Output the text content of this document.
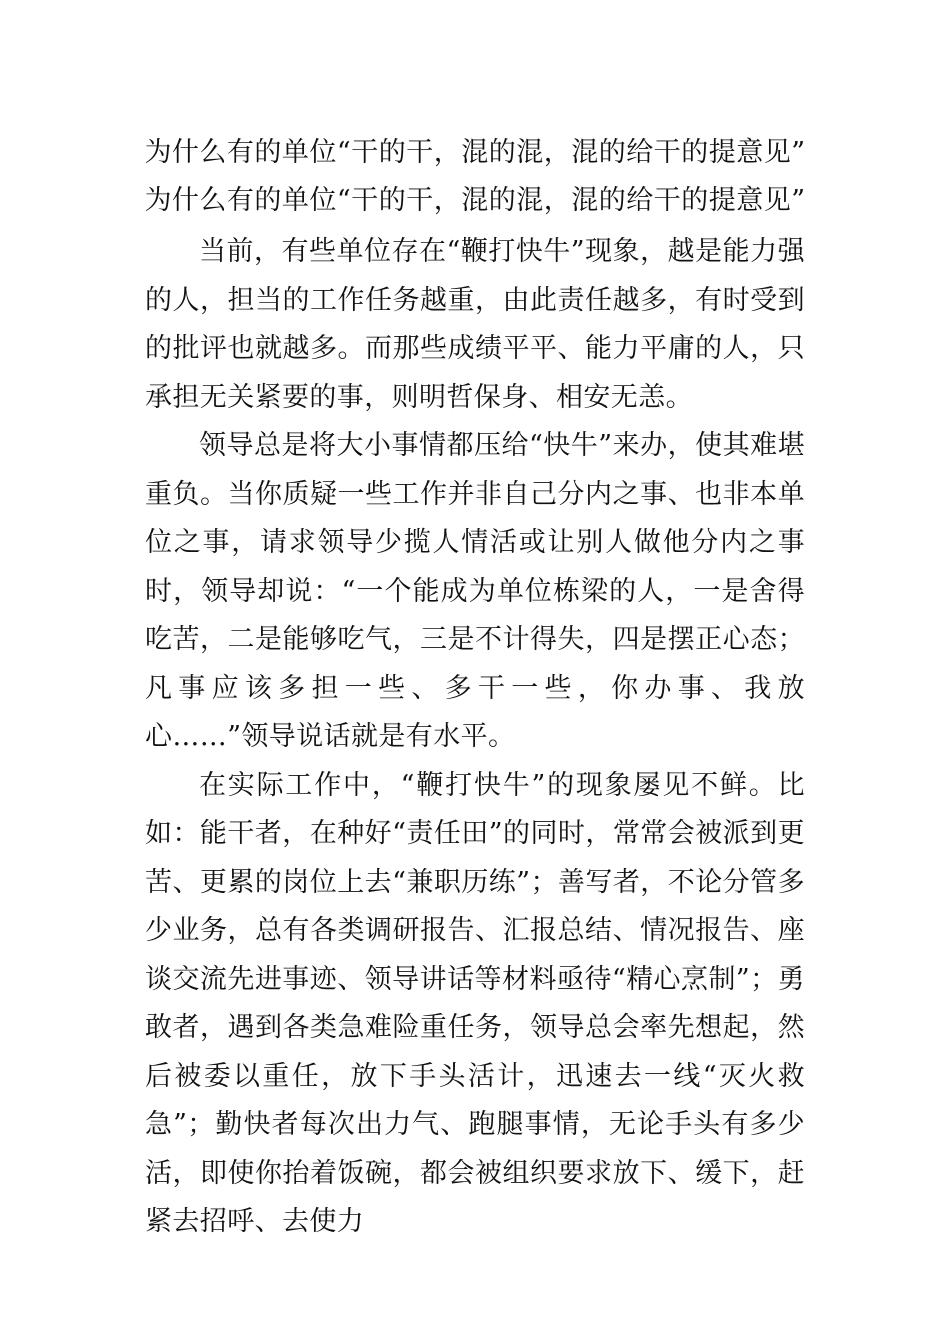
为什么有的单位“干的干，混的混，混的给干的提意见”
为什么有的单位“干的干，混的混，混的给干的提意见”

当前，有些单位存在“鞭打快牛”现象，越是能力强的人，担当的工作任务越重，由此责任越多，有时受到的批评也就越多。而那些成绩平平、能力平庸的人，只承担无关紧要的事，则明哲保身、相安无恙。

领导总是将大小事情都压给“快牛”来办，使其难堪重负。当你质疑一些工作并非自己分内之事、也非本单位之事，请求领导少揽人情活或让别人做他分内之事时，领导却说：“一个能成为单位栋梁的人，一是舍得吃苦，二是能够吃气，三是不计得失，四是摆正心态；凡事应该多担一些、多干一些，你办事、我放心……”领导说话就是有水平。

在实际工作中，“鞭打快牛”的现象屡见不鲜。比如：能干者，在种好“责任田”的同时，常常会被派到更苦、更累的岗位上去“兼职历练”；善写者，不论分管多少业务，总有各类调研报告、汇报总结、情况报告、座谈交流先进事迹、领导讲话等材料亟待“精心烹制”；勇敢者，遇到各类急难险重任务，领导总会率先想起，然后被委以重任，放下手头活计，迅速去一线“灭火救急”；勤快者每次出力气、跑腿事情，无论手头有多少活，即使你抬着饭碗，都会被组织要求放下、缓下，赶紧去招呼、去使力
